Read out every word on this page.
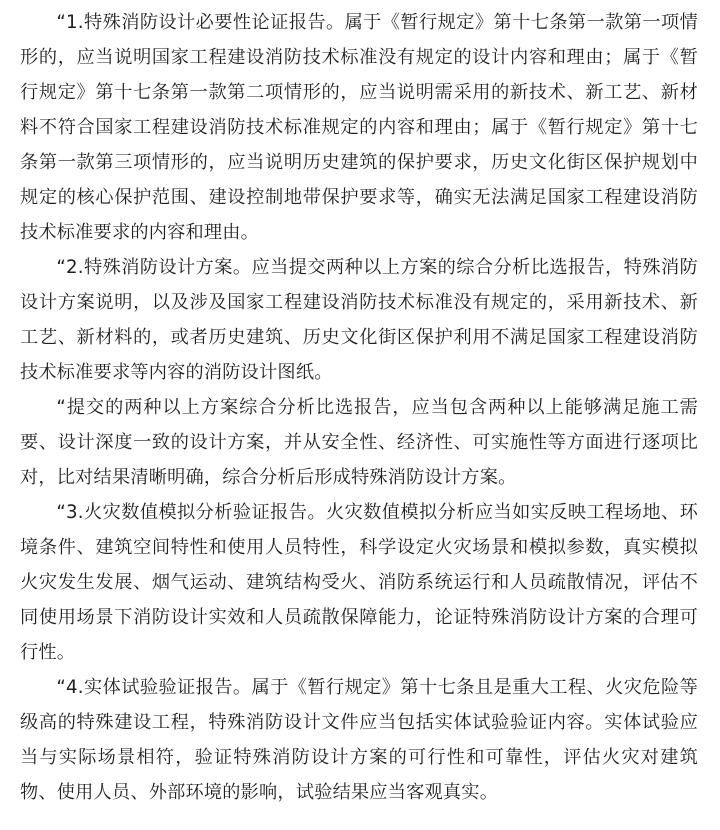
“1.特殊消防设计必要性论证报告。属于《暂行规定》第十七条第一款第一项情形的，应当说明国家工程建设消防技术标准没有规定的设计内容和理由；属于《暂行规定》第十七条第一款第二项情形的，应当说明需采用的新技术、新工艺、新材料不符合国家工程建设消防技术标准规定的内容和理由；属于《暂行规定》第十七条第一款第三项情形的，应当说明历史建筑的保护要求，历史文化街区保护规划中规定的核心保护范围、建设控制地带保护要求等，确实无法满足国家工程建设消防技术标准要求的内容和理由。

“2.特殊消防设计方案。应当提交两种以上方案的综合分析比选报告，特殊消防设计方案说明，以及涉及国家工程建设消防技术标准没有规定的，采用新技术、新工艺、新材料的，或者历史建筑、历史文化街区保护利用不满足国家工程建设消防技术标准要求等内容的消防设计图纸。

“提交的两种以上方案综合分析比选报告，应当包含两种以上能够满足施工需要、设计深度一致的设计方案，并从安全性、经济性、可实施性等方面进行逐项比对，比对结果清晰明确，综合分析后形成特殊消防设计方案。

“3.火灾数值模拟分析验证报告。火灾数值模拟分析应当如实反映工程场地、环境条件、建筑空间特性和使用人员特性，科学设定火灾场景和模拟参数，真实模拟火灾发生发展、烟气运动、建筑结构受火、消防系统运行和人员疏散情况，评估不同使用场景下消防设计实效和人员疏散保障能力，论证特殊消防设计方案的合理可行性。

“4.实体试验验证报告。属于《暂行规定》第十七条且是重大工程、火灾危险等级高的特殊建设工程，特殊消防设计文件应当包括实体试验验证内容。实体试验应当与实际场景相符，验证特殊消防设计方案的可行性和可靠性，评估火灾对建筑物、使用人员、外部环境的影响，试验结果应当客观真实。
